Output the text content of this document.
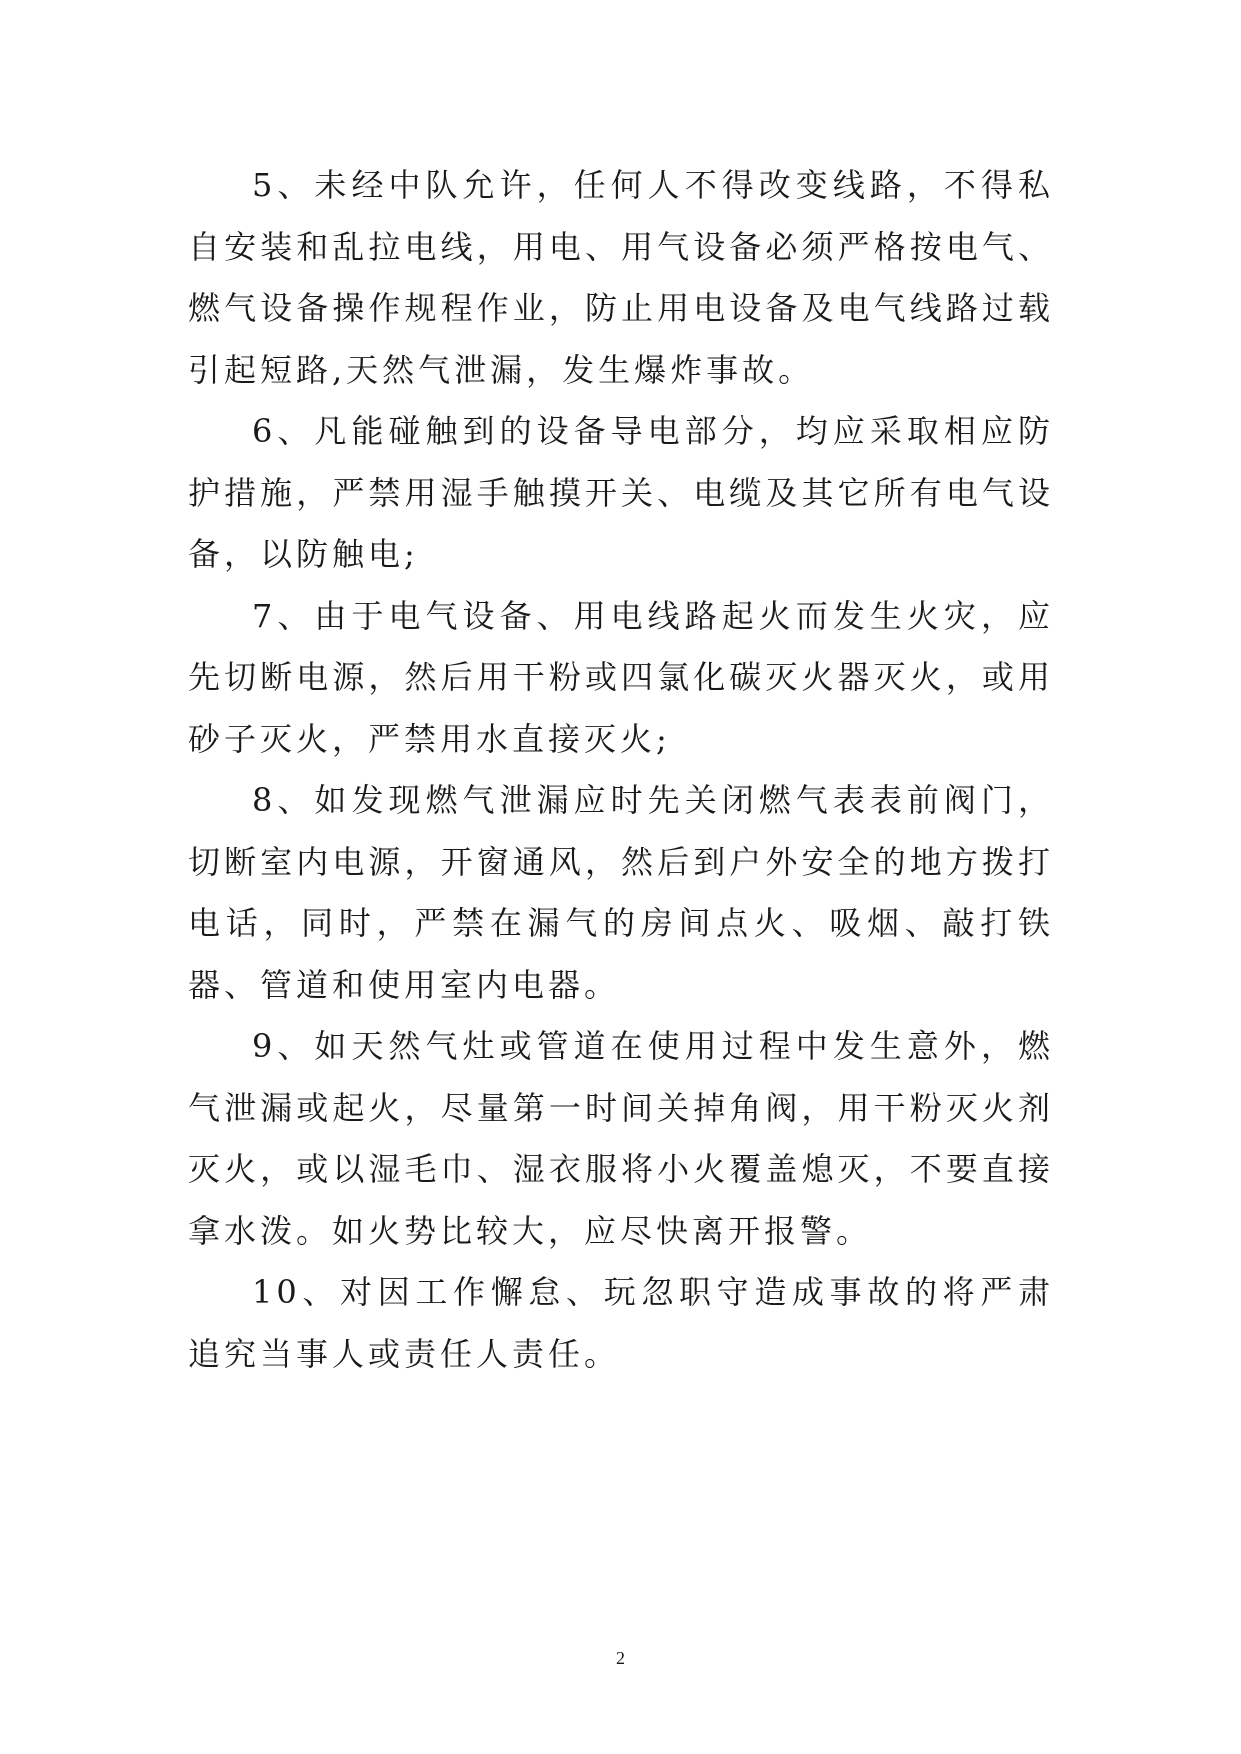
5、未经中队允许，任何人不得改变线路，不得私自安装和乱拉电线，用电、用气设备必须严格按电气、燃气设备操作规程作业，防止用电设备及电气线路过载引起短路,天然气泄漏，发生爆炸事故。

6、凡能碰触到的设备导电部分，均应采取相应防护措施，严禁用湿手触摸开关、电缆及其它所有电气设备，以防触电;

7、由于电气设备、用电线路起火而发生火灾，应先切断电源，然后用干粉或四氯化碳灭火器灭火，或用砂子灭火，严禁用水直接灭火;

8、如发现燃气泄漏应时先关闭燃气表表前阀门，切断室内电源，开窗通风，然后到户外安全的地方拨打电话，同时，严禁在漏气的房间点火、吸烟、敲打铁器、管道和使用室内电器。

9、如天然气灶或管道在使用过程中发生意外，燃气泄漏或起火，尽量第一时间关掉角阀，用干粉灭火剂灭火，或以湿毛巾、湿衣服将小火覆盖熄灭，不要直接拿水泼。如火势比较大，应尽快离开报警。

10、对因工作懈怠、玩忽职守造成事故的将严肃追究当事人或责任人责任。

2
